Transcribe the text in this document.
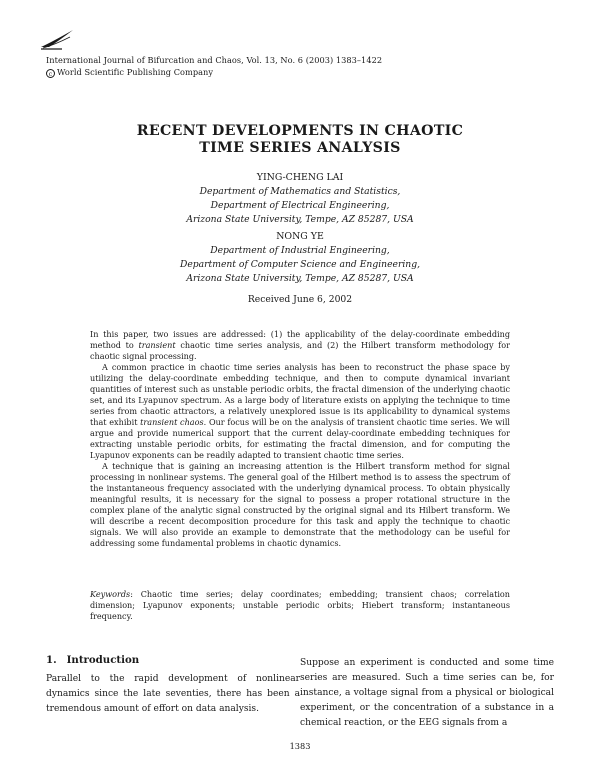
International Journal of Bifurcation and Chaos, Vol. 13, No. 6 (2003) 1383–1422
c World Scientific Publishing Company
RECENT DEVELOPMENTS IN CHAOTIC
TIME SERIES ANALYSIS
YING-CHENG LAI
Department of Mathematics and Statistics,
Department of Electrical Engineering,
Arizona State University, Tempe, AZ 85287, USA
NONG YE
Department of Industrial Engineering,
Department of Computer Science and Engineering,
Arizona State University, Tempe, AZ 85287, USA
Received June 6, 2002

In this paper, two issues are addressed: (1) the applicability of the delay-coordinate embedding method to transient chaotic time series analysis, and (2) the Hilbert transform methodology for chaotic signal processing.

A common practice in chaotic time series analysis has been to reconstruct the phase space by utilizing the delay-coordinate embedding technique, and then to compute dynamical invariant quantities of interest such as unstable periodic orbits, the fractal dimension of the underlying chaotic set, and its Lyapunov spectrum. As a large body of literature exists on applying the technique to time series from chaotic attractors, a relatively unexplored issue is its applicability to dynamical systems that exhibit transient chaos. Our focus will be on the analysis of transient chaotic time series. We will argue and provide numerical support that the current delay-coordinate embedding techniques for extracting unstable periodic orbits, for estimating the fractal dimension, and for computing the Lyapunov exponents can be readily adapted to transient chaotic time series.

A technique that is gaining an increasing attention is the Hilbert transform method for signal processing in nonlinear systems. The general goal of the Hilbert method is to assess the spectrum of the instantaneous frequency associated with the underlying dynamical process. To obtain physically meaningful results, it is necessary for the signal to possess a proper rotational structure in the complex plane of the analytic signal constructed by the original signal and its Hilbert transform. We will describe a recent decomposition procedure for this task and apply the technique to chaotic signals. We will also provide an example to demonstrate that the methodology can be useful for addressing some fundamental problems in chaotic dynamics.

Keywords: Chaotic time series; delay coordinates; embedding; transient chaos; correlation dimension; Lyapunov exponents; unstable periodic orbits; Hiebert transform; instantaneous frequency.
1. Introduction
Parallel to the rapid development of nonlinear dynamics since the late seventies, there has been a tremendous amount of effort on data analysis.
Suppose an experiment is conducted and some time series are measured. Such a time series can be, for instance, a voltage signal from a physical or biological experiment, or the concentration of a substance in a chemical reaction, or the EEG signals from a
1383
